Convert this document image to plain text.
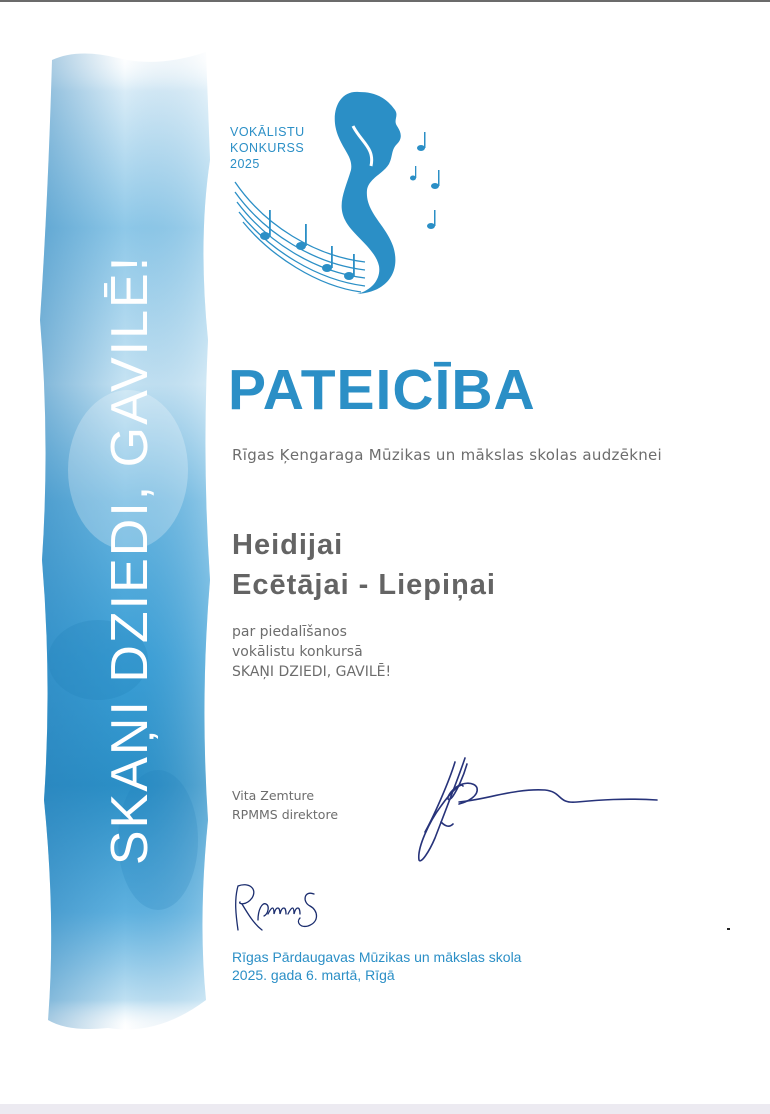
SKAŅI DZIEDI, GAVILĒ!
VOKĀLISTU
KONKURSS
2025
PATEICĪBA
Rīgas Ķengaraga Mūzikas un mākslas skolas audzēknei
Heidijai
Ecētājai - Liepiņai
par piedalīšanos
vokālistu konkursā
SKAŅI DZIEDI, GAVILĒ!
Vita Zemture
RPMMS direktore
Rīgas Pārdaugavas Mūzikas un mākslas skola
2025. gada 6. martā, Rīgā
